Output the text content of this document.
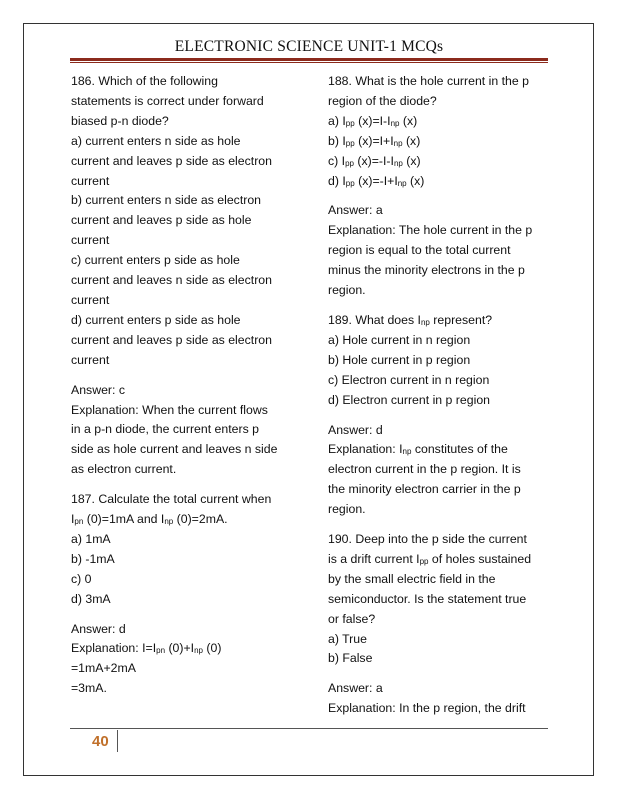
ELECTRONIC SCIENCE UNIT-1 MCQs

186. Which of the following

statements is correct under forward

biased p-n diode?

a) current enters n side as hole

current and leaves p side as electron

current

b) current enters n side as electron

current and leaves p side as hole

current

c) current enters p side as hole

current and leaves n side as electron

current

d) current enters p side as hole

current and leaves p side as electron

current

Answer: c

Explanation: When the current flows

in a p-n diode, the current enters p

side as hole current and leaves n side

as electron current.

187. Calculate the total current when

$I_{pn}$ (0)=1mA and $I_{np}$ (0)=2mA.

a) 1mA

b) -1mA

c) 0

d) 3mA

Answer: d

Explanation: $I=I_{pn}$ $(0)+I_{np}$ (0)

=1mA+2mA

=3mA.

188. What is the hole current in the p

region of the diode?

a) $I_{pp}$ $(x)=I-I_{np}$ (x)

b) $I_{pp}$ $(x)=I+I_{np}$ (x)

c) $I_{pp}$ $(x)=-I-I_{np}$ (x)

d) $I_{pp}$ $(x)=-I+I_{np}$ (x)

Answer: a

Explanation: The hole current in the p

region is equal to the total current

minus the minority electrons in the p

region.

189. What does $I_{np}$ represent?

a) Hole current in n region

b) Hole current in p region

c) Electron current in n region

d) Electron current in p region

Answer: d

Explanation: $I_{np}$ constitutes of the

electron current in the p region. It is

the minority electron carrier in the p

region.

190. Deep into the p side the current

is a drift current $I_{pp}$ of holes sustained

by the small electric field in the

semiconductor. Is the statement true

or false?

a) True

b) False

Answer: a

Explanation: In the p region, the drift

40
